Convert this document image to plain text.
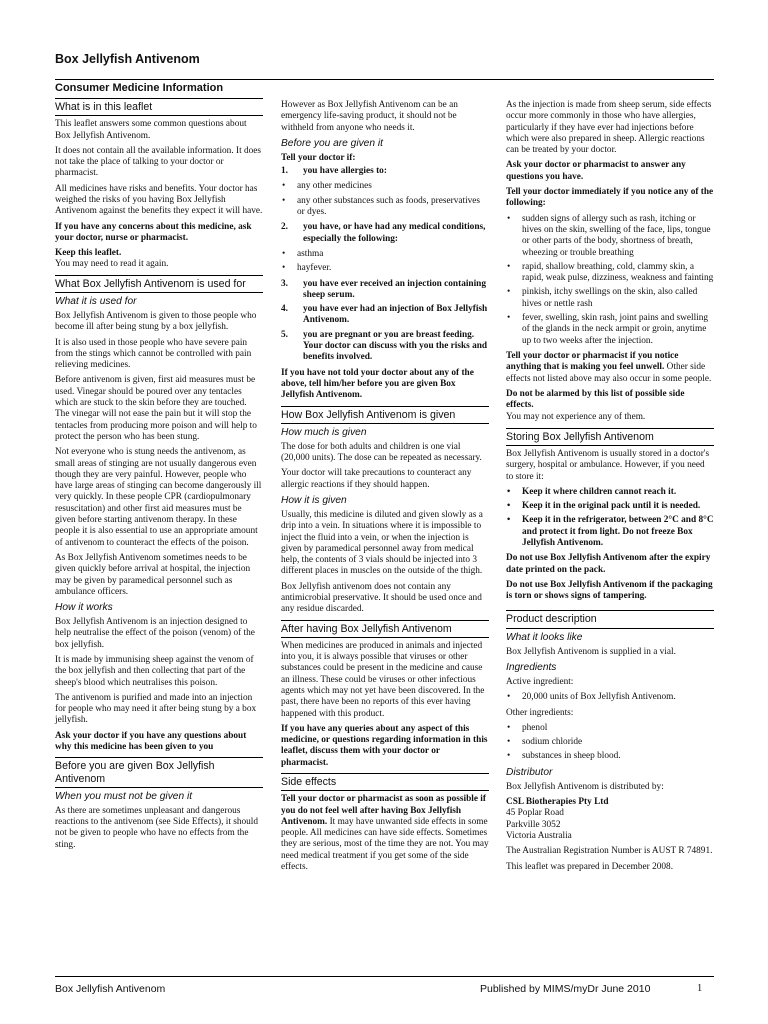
Box Jellyfish Antivenom
Consumer Medicine Information
What is in this leaflet

This leaflet answers some common questions about Box Jellyfish Antivenom.

It does not contain all the available information. It does not take the place of talking to your doctor or pharmacist.

All medicines have risks and benefits. Your doctor has weighed the risks of you having Box Jellyfish Antivenom against the benefits they expect it will have.

If you have any concerns about this medicine, ask your doctor, nurse or pharmacist.

Keep this leaflet.
You may need to read it again.

What Box Jellyfish Antivenom is used for
What it is used for

Box Jellyfish Antivenom is given to those people who become ill after being stung by a box jellyfish.

It is also used in those people who have severe pain from the stings which cannot be controlled with pain relieving medicines.

Before antivenom is given, first aid measures must be used. Vinegar should be poured over any tentacles which are stuck to the skin before they are touched. The vinegar will not ease the pain but it will stop the tentacles from producing more poison and will help to protect the person who has been stung.

Not everyone who is stung needs the antivenom, as small areas of stinging are not usually dangerous even though they are very painful. However, people who have large areas of stinging can become dangerously ill very quickly. In these people CPR (cardiopulmonary resuscitation) and other first aid measures must be given before starting antivenom therapy. In these people it is also essential to use an appropriate amount of antivenom to counteract the effects of the poison.

As Box Jellyfish Antivenom sometimes needs to be given quickly before arrival at hospital, the injection may be given by paramedical personnel such as ambulance officers.

How it works

Box Jellyfish Antivenom is an injection designed to help neutralise the effect of the poison (venom) of the box jellyfish.

It is made by immunising sheep against the venom of the box jellyfish and then collecting that part of the sheep's blood which neutralises this poison.

The antivenom is purified and made into an injection for people who may need it after being stung by a box jellyfish.

Ask your doctor if you have any questions about why this medicine has been given to you

Before you are given Box Jellyfish Antivenom
When you must not be given it

As there are sometimes unpleasant and dangerous reactions to the antivenom (see Side Effects), it should not be given to people who have no effects from the sting.

However as Box Jellyfish Antivenom can be an emergency life-saving product, it should not be withheld from anyone who needs it.

Before you are given it

Tell your doctor if:

1. you have allergies to:
• any other medicines
• any other substances such as foods, preservatives or dyes.
2. you have, or have had any medical conditions, especially the following:
• asthma
• hayfever.
3. you have ever received an injection containing sheep serum.
4. you have ever had an injection of Box Jellyfish Antivenom.
5. you are pregnant or you are breast feeding. Your doctor can discuss with you the risks and benefits involved.

If you have not told your doctor about any of the above, tell him/her before you are given Box Jellyfish Antivenom.

How Box Jellyfish Antivenom is given
How much is given

The dose for both adults and children is one vial (20,000 units). The dose can be repeated as necessary.

Your doctor will take precautions to counteract any allergic reactions if they should happen.

How it is given

Usually, this medicine is diluted and given slowly as a drip into a vein. In situations where it is impossible to inject the fluid into a vein, or when the injection is given by paramedical personnel away from medical help, the contents of 3 vials should be injected into 3 different places in muscles on the outside of the thigh.

Box Jellyfish antivenom does not contain any antimicrobial preservative. It should be used once and any residue discarded.

After having Box Jellyfish Antivenom

When medicines are produced in animals and injected into you, it is always possible that viruses or other substances could be present in the medicine and cause an illness. These could be viruses or other infectious agents which may not yet have been discovered. In the past, there have been no reports of this ever having happened with this product.

If you have any queries about any aspect of this medicine, or questions regarding information in this leaflet, discuss them with your doctor or pharmacist.

Side effects

Tell your doctor or pharmacist as soon as possible if you do not feel well after having Box Jellyfish Antivenom. It may have unwanted side effects in some people. All medicines can have side effects. Sometimes they are serious, most of the time they are not. You may need medical treatment if you get some of the side effects.

As the injection is made from sheep serum, side effects occur more commonly in those who have allergies, particularly if they have ever had injections before which were also prepared in sheep. Allergic reactions can be treated by your doctor.

Ask your doctor or pharmacist to answer any questions you have.

Tell your doctor immediately if you notice any of the following:

• sudden signs of allergy such as rash, itching or hives on the skin, swelling of the face, lips, tongue or other parts of the body, shortness of breath, wheezing or trouble breathing
• rapid, shallow breathing, cold, clammy skin, a rapid, weak pulse, dizziness, weakness and fainting
• pinkish, itchy swellings on the skin, also called hives or nettle rash
• fever, swelling, skin rash, joint pains and swelling of the glands in the neck armpit or groin, anytime up to two weeks after the injection.

Tell your doctor or pharmacist if you notice anything that is making you feel unwell. Other side effects not listed above may also occur in some people.

Do not be alarmed by this list of possible side effects.

You may not experience any of them.

Storing Box Jellyfish Antivenom

Box Jellyfish Antivenom is usually stored in a doctor's surgery, hospital or ambulance. However, if you need to store it:

• Keep it where children cannot reach it.
• Keep it in the original pack until it is needed.
• Keep it in the refrigerator, between 2°C and 8°C and protect it from light. Do not freeze Box Jellyfish Antivenom.

Do not use Box Jellyfish Antivenom after the expiry date printed on the pack.

Do not use Box Jellyfish Antivenom if the packaging is torn or shows signs of tampering.

Product description
What it looks like

Box Jellyfish Antivenom is supplied in a vial.

Ingredients

Active ingredient:

• 20,000 units of Box Jellyfish Antivenom.

Other ingredients:

• phenol
• sodium chloride
• substances in sheep blood.
Distributor

Box Jellyfish Antivenom is distributed by:

CSL Biotherapies Pty Ltd
45 Poplar Road
Parkville 3052
Victoria Australia

The Australian Registration Number is AUST R 74891.

This leaflet was prepared in December 2008.

Box Jellyfish Antivenom	Published by MIMS/myDr June 2010	1
